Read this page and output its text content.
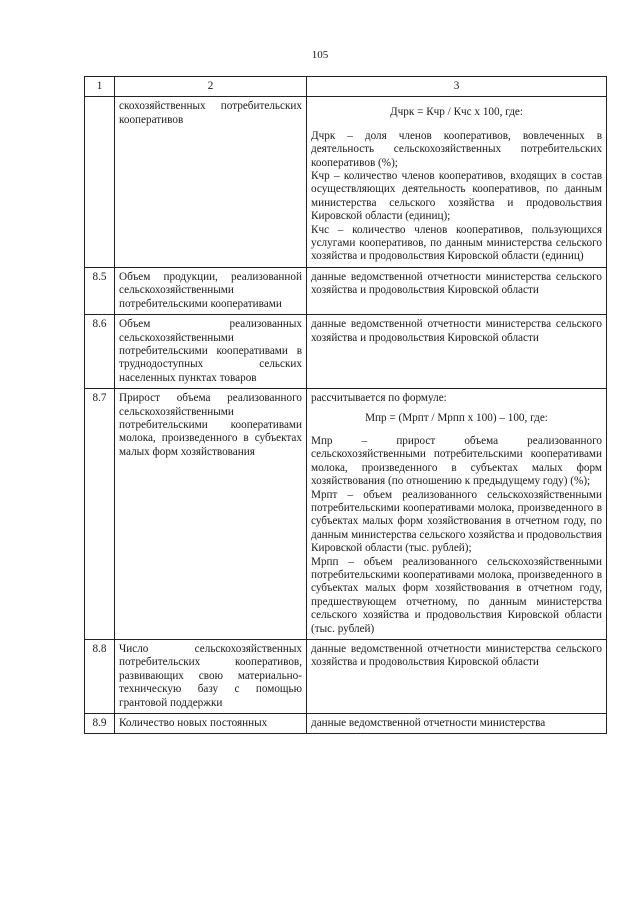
105
1	2	3
	скохозяйственных потребительских кооперативов	Дчрк = Кчр / Кчс х 100, где:

Дчрк – доля членов кооперативов, вовлеченных в деятельность сельскохозяйственных потребительских кооперативов (%);

Кчр – количество членов кооперативов, входящих в состав осуществляющих деятельность кооперативов, по данным министерства сельского хозяйства и продовольствия Кировской области (единиц);

Кчс – количество членов кооперативов, пользующихся услугами кооперативов, по данным министерства сельского хозяйства и продовольствия Кировской области (единиц)

8.5	Объем продукции, реализованной сельскохозяйственными потребительскими кооперативами	данные ведомственной отчетности министерства сельского хозяйства и продовольствия Кировской области
8.6	Объем реализованных сельскохозяйственными потребительскими кооперативами в труднодоступных сельских населенных пунктах товаров	данные ведомственной отчетности министерства сельского хозяйства и продовольствия Кировской области
8.7	Прирост объема реализованного сельскохозяйственными потребительскими кооперативами молока, произведенного в субъектах малых форм хозяйствования	рассчитывается по формуле:

Мпр = (Мрпт / Мрпп х 100) – 100, где:

Мпр – прирост объема реализованного сельскохозяйственными потребительскими кооперативами молока, произведенного в субъектах малых форм хозяйствования (по отношению к предыдущему году) (%);

Мрпт – объем реализованного сельскохозяйственными потребительскими кооперативами молока, произведенного в субъектах малых форм хозяйствования в отчетном году, по данным министерства сельского хозяйства и продовольствия Кировской области (тыс. рублей);

Мрпп – объем реализованного сельскохозяйственными потребительскими кооперативами молока, произведенного в субъектах малых форм хозяйствования в отчетном году, предшествующем отчетному, по данным министерства сельского хозяйства и продовольствия Кировской области (тыс. рублей)

8.8	Число сельскохозяйственных потребительских кооперативов, развивающих свою материально-техническую базу с помощью грантовой поддержки	данные ведомственной отчетности министерства сельского хозяйства и продовольствия Кировской области
8.9	Количество новых постоянных	данные ведомственной отчетности министерства
